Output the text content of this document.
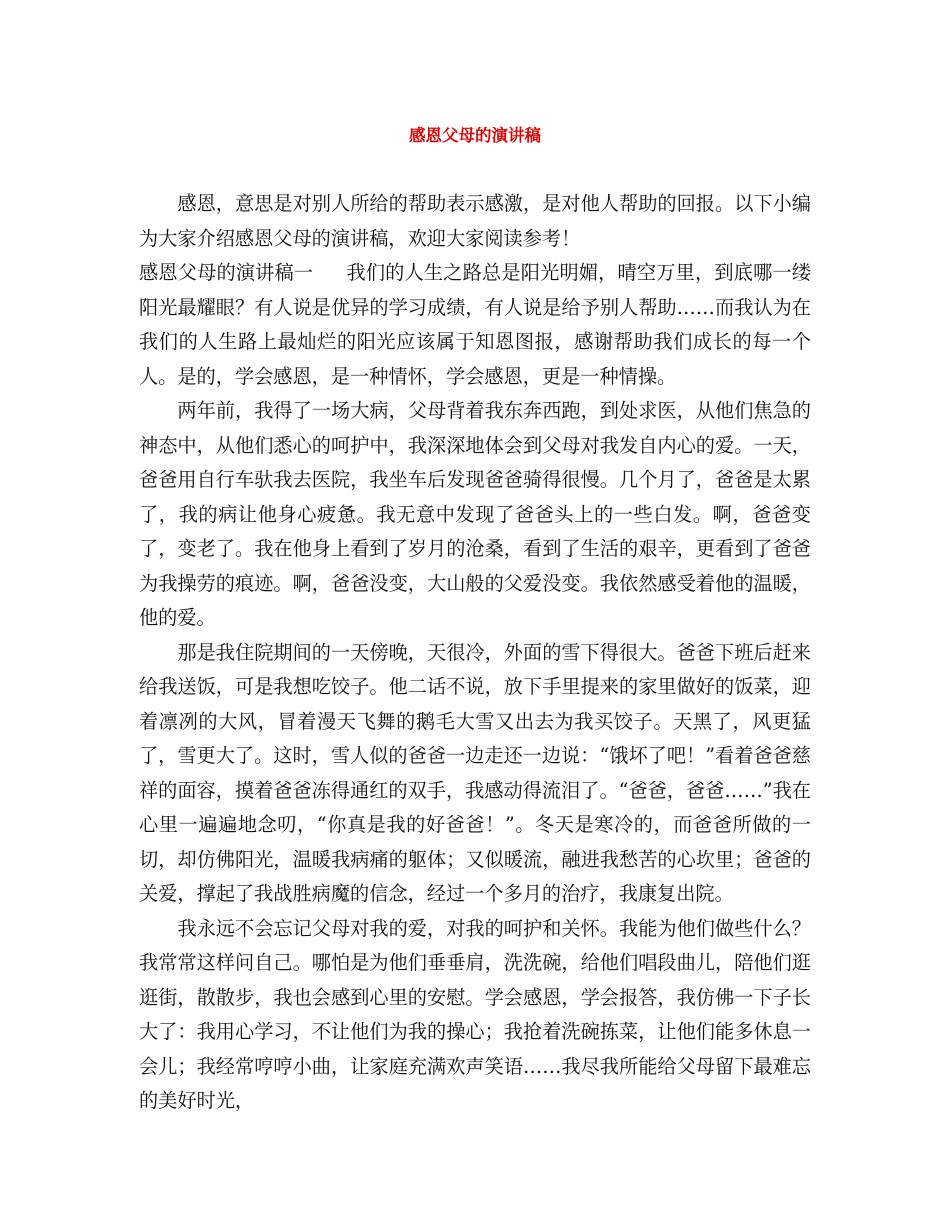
感恩父母的演讲稿

感恩，意思是对别人所给的帮助表示感激，是对他人帮助的回报。以下小编为大家介绍感恩父母的演讲稿，欢迎大家阅读参考！

感恩父母的演讲稿一 我们的人生之路总是阳光明媚，晴空万里，到底哪一缕阳光最耀眼？有人说是优异的学习成绩，有人说是给予别人帮助……而我认为在我们的人生路上最灿烂的阳光应该属于知恩图报，感谢帮助我们成长的每一个人。是的，学会感恩，是一种情怀，学会感恩，更是一种情操。

两年前，我得了一场大病，父母背着我东奔西跑，到处求医，从他们焦急的神态中，从他们悉心的呵护中，我深深地体会到父母对我发自内心的爱。一天，爸爸用自行车驮我去医院，我坐车后发现爸爸骑得很慢。几个月了，爸爸是太累了，我的病让他身心疲惫。我无意中发现了爸爸头上的一些白发。啊，爸爸变了，变老了。我在他身上看到了岁月的沧桑，看到了生活的艰辛，更看到了爸爸为我操劳的痕迹。啊，爸爸没变，大山般的父爱没变。我依然感受着他的温暖，他的爱。

那是我住院期间的一天傍晚，天很冷，外面的雪下得很大。爸爸下班后赶来给我送饭，可是我想吃饺子。他二话不说，放下手里提来的家里做好的饭菜，迎着凛冽的大风，冒着漫天飞舞的鹅毛大雪又出去为我买饺子。天黑了，风更猛了，雪更大了。这时，雪人似的爸爸一边走还一边说：“饿坏了吧！”看着爸爸慈祥的面容，摸着爸爸冻得通红的双手，我感动得流泪了。“爸爸，爸爸……”我在心里一遍遍地念叨，“你真是我的好爸爸！”。冬天是寒冷的，而爸爸所做的一切，却仿佛阳光，温暖我病痛的躯体；又似暖流，融进我愁苦的心坎里；爸爸的关爱，撑起了我战胜病魔的信念，经过一个多月的治疗，我康复出院。

我永远不会忘记父母对我的爱，对我的呵护和关怀。我能为他们做些什么？我常常这样问自己。哪怕是为他们垂垂肩，洗洗碗，给他们唱段曲儿，陪他们逛逛街，散散步，我也会感到心里的安慰。学会感恩，学会报答，我仿佛一下子长大了：我用心学习，不让他们为我的操心；我抢着洗碗拣菜，让他们能多休息一会儿；我经常哼哼小曲，让家庭充满欢声笑语……我尽我所能给父母留下最难忘的美好时光，
